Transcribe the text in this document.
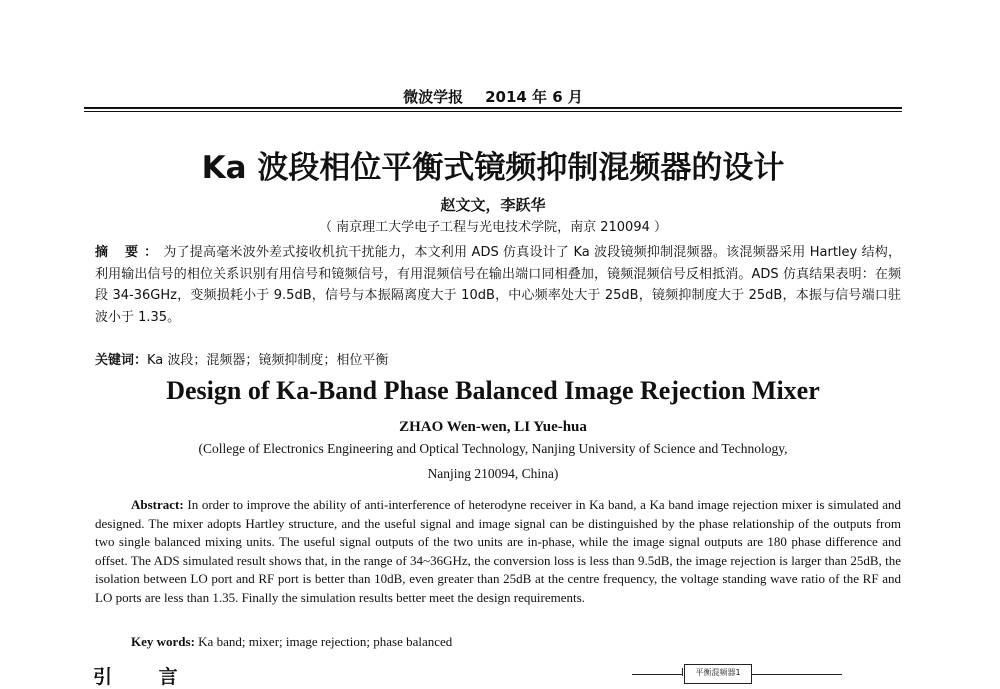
微波学报 2014 年 6 月
Ka 波段相位平衡式镜频抑制混频器的设计
赵文文，李跃华
（ 南京理工大学电子工程与光电技术学院，南京 210094 ）
摘 要：为了提高毫米波外差式接收机抗干扰能力，本文利用 ADS 仿真设计了 Ka 波段镜频抑制混频器。该混频器采用 Hartley 结构，利用输出信号的相位关系识别有用信号和镜频信号，有用混频信号在输出端口同相叠加，镜频混频信号反相抵消。ADS 仿真结果表明：在频段 34-36GHz，变频损耗小于 9.5dB，信号与本振隔离度大于 10dB，中心频率处大于 25dB，镜频抑制度大于 25dB，本振与信号端口驻波小于 1.35。
关键词：Ka 波段；混频器；镜频抑制度；相位平衡
Design of Ka-Band Phase Balanced Image Rejection Mixer
ZHAO Wen-wen, LI Yue-hua
(College of Electronics Engineering and Optical Technology, Nanjing University of Science and Technology,
Nanjing 210094, China)
Abstract: In order to improve the ability of anti-interference of heterodyne receiver in Ka band, a Ka band image rejection mixer is simulated and designed. The mixer adopts Hartley structure, and the useful signal and image signal can be distinguished by the phase relationship of the outputs from two single balanced mixing units. The useful signal outputs of the two units are in-phase, while the image signal outputs are 180 phase difference and offset. The ADS simulated result shows that, in the range of 34~36GHz, the conversion loss is less than 9.5dB, the image rejection is larger than 25dB, the isolation between LO port and RF port is better than 10dB, even greater than 25dB at the centre frequency, the voltage standing wave ratio of the RF and LO ports are less than 1.35. Finally the simulation results better meet the design requirements.
Key words: Ka band; mixer; image rejection; phase balanced
引 言	平衡混频器1
